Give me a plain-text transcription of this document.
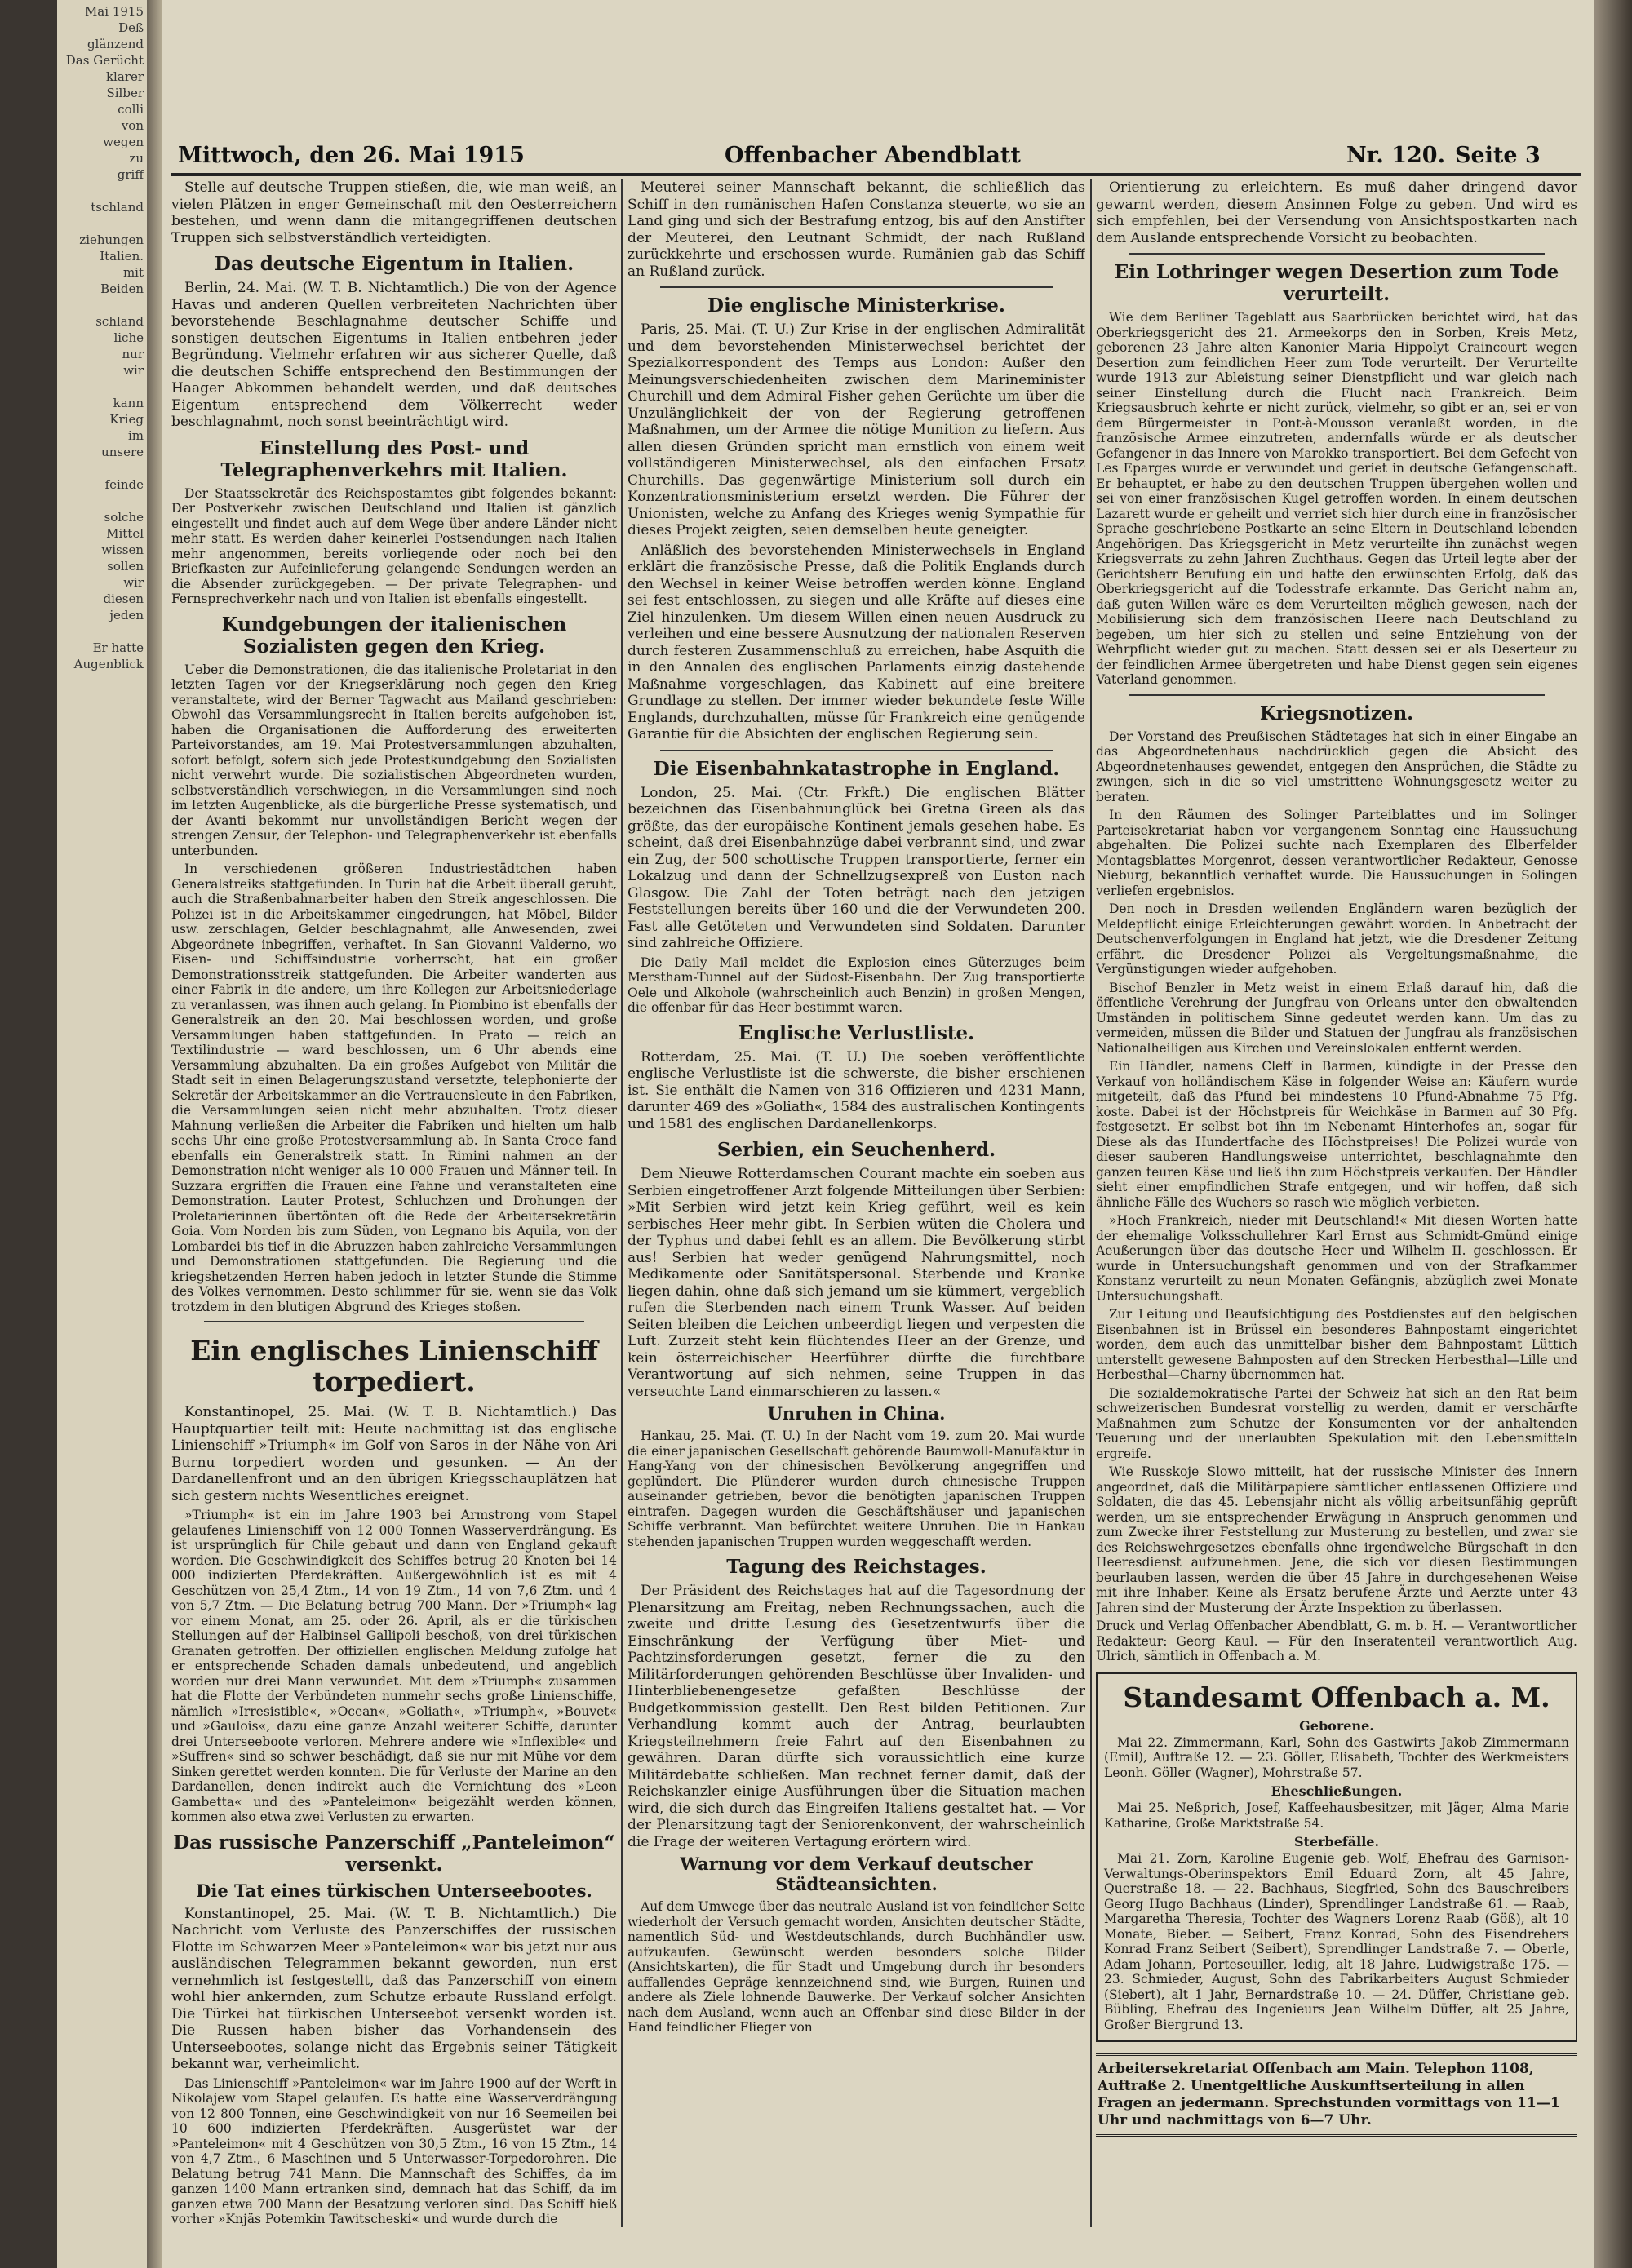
Mai 1915
Deß
glänzend
Das Gerücht
klarer
Silber
colli
von
wegen
zu
griff

tschland

ziehungen
Italien.
mit
Beiden

schland
liche
nur
wir

kann
Krieg
im
unsere

feinde

solche
Mittel
wissen
sollen
wir
diesen
jeden

Er hatte
Augenblick
Mittwoch, den 26. Mai 1915	Offenbacher Abendblatt	Nr. 120. Seite 3

Stelle auf deutsche Truppen stießen, die, wie man weiß, an vielen Plätzen in enger Gemeinschaft mit den Oesterreichern bestehen, und wenn dann die mitangegriffenen deutschen Truppen sich selbstverständlich verteidigten.

Das deutsche Eigentum in Italien.

Berlin, 24. Mai. (W. T. B. Nichtamtlich.) Die von der Agence Havas und anderen Quellen verbreiteten Nachrichten über bevorstehende Beschlagnahme deutscher Schiffe und sonstigen deutschen Eigentums in Italien entbehren jeder Begründung. Vielmehr erfahren wir aus sicherer Quelle, daß die deutschen Schiffe entsprechend den Bestimmungen der Haager Abkommen behandelt werden, und daß deutsches Eigentum entsprechend dem Völkerrecht weder beschlagnahmt, noch sonst beeinträchtigt wird.

Einstellung des Post- und Telegraphenverkehrs mit Italien.

Der Staatssekretär des Reichspostamtes gibt folgendes bekannt: Der Postverkehr zwischen Deutschland und Italien ist gänzlich eingestellt und findet auch auf dem Wege über andere Länder nicht mehr statt. Es werden daher keinerlei Postsendungen nach Italien mehr angenommen, bereits vorliegende oder noch bei den Briefkasten zur Aufeinlieferung gelangende Sendungen werden an die Absender zurückgegeben. — Der private Telegraphen- und Fernsprechverkehr nach und von Italien ist ebenfalls eingestellt.

Kundgebungen der italienischen Sozialisten gegen den Krieg.

Ueber die Demonstrationen, die das italienische Proletariat in den letzten Tagen vor der Kriegserklärung noch gegen den Krieg veranstaltete, wird der Berner Tagwacht aus Mailand geschrieben: Obwohl das Versammlungsrecht in Italien bereits aufgehoben ist, haben die Organisationen die Aufforderung des erweiterten Parteivorstandes, am 19. Mai Protestversammlungen abzuhalten, sofort befolgt, sofern sich jede Protestkundgebung den Sozialisten nicht verwehrt wurde. Die sozialistischen Abgeordneten wurden, selbstverständlich verschwiegen, in die Versammlungen sind noch im letzten Augenblicke, als die bürgerliche Presse systematisch, und der Avanti bekommt nur unvollständigen Bericht wegen der strengen Zensur, der Telephon- und Telegraphenverkehr ist ebenfalls unterbunden.

In verschiedenen größeren Industriestädtchen haben Generalstreiks stattgefunden. In Turin hat die Arbeit überall geruht, auch die Straßenbahnarbeiter haben den Streik angeschlossen. Die Polizei ist in die Arbeitskammer eingedrungen, hat Möbel, Bilder usw. zerschlagen, Gelder beschlagnahmt, alle Anwesenden, zwei Abgeordnete inbegriffen, verhaftet. In San Giovanni Valderno, wo Eisen- und Schiffsindustrie vorherrscht, hat ein großer Demonstrationsstreik stattgefunden. Die Arbeiter wanderten aus einer Fabrik in die andere, um ihre Kollegen zur Arbeitsniederlage zu veranlassen, was ihnen auch gelang. In Piombino ist ebenfalls der Generalstreik an den 20. Mai beschlossen worden, und große Versammlungen haben stattgefunden. In Prato — reich an Textilindustrie — ward beschlossen, um 6 Uhr abends eine Versammlung abzuhalten. Da ein großes Aufgebot von Militär die Stadt seit in einen Belagerungszustand versetzte, telephonierte der Sekretär der Arbeitskammer an die Vertrauensleute in den Fabriken, die Versammlungen seien nicht mehr abzuhalten. Trotz dieser Mahnung verließen die Arbeiter die Fabriken und hielten um halb sechs Uhr eine große Protestversammlung ab. In Santa Croce fand ebenfalls ein Generalstreik statt. In Rimini nahmen an der Demonstration nicht weniger als 10 000 Frauen und Männer teil. In Suzzara ergriffen die Frauen eine Fahne und veranstalteten eine Demonstration. Lauter Protest, Schluchzen und Drohungen der Proletarierinnen übertönten oft die Rede der Arbeitersekretärin Goia. Vom Norden bis zum Süden, von Legnano bis Aquila, von der Lombardei bis tief in die Abruzzen haben zahlreiche Versammlungen und Demonstrationen stattgefunden. Die Regierung und die kriegshetzenden Herren haben jedoch in letzter Stunde die Stimme des Volkes vernommen. Desto schlimmer für sie, wenn sie das Volk trotzdem in den blutigen Abgrund des Krieges stoßen.

Ein englisches Linienschiff torpediert.

Konstantinopel, 25. Mai. (W. T. B. Nichtamtlich.) Das Hauptquartier teilt mit: Heute nachmittag ist das englische Linienschiff »Triumph« im Golf von Saros in der Nähe von Ari Burnu torpediert worden und gesunken. — An der Dardanellenfront und an den übrigen Kriegsschauplätzen hat sich gestern nichts Wesentliches ereignet.

»Triumph« ist ein im Jahre 1903 bei Armstrong vom Stapel gelaufenes Linienschiff von 12 000 Tonnen Wasserverdrängung. Es ist ursprünglich für Chile gebaut und dann von England gekauft worden. Die Geschwindigkeit des Schiffes betrug 20 Knoten bei 14 000 indizierten Pferdekräften. Außergewöhnlich ist es mit 4 Geschützen von 25,4 Ztm., 14 von 19 Ztm., 14 von 7,6 Ztm. und 4 von 5,7 Ztm. — Die Belatung betrug 700 Mann. Der »Triumph« lag vor einem Monat, am 25. oder 26. April, als er die türkischen Stellungen auf der Halbinsel Gallipoli beschoß, von drei türkischen Granaten getroffen. Der offiziellen englischen Meldung zufolge hat er entsprechende Schaden damals unbedeutend, und angeblich worden nur drei Mann verwundet. Mit dem »Triumph« zusammen hat die Flotte der Verbündeten nunmehr sechs große Linienschiffe, nämlich »Irresistible«, »Ocean«, »Goliath«, »Triumph«, »Bouvet« und »Gaulois«, dazu eine ganze Anzahl weiterer Schiffe, darunter drei Unterseeboote verloren. Mehrere andere wie »Inflexible« und »Suffren« sind so schwer beschädigt, daß sie nur mit Mühe vor dem Sinken gerettet werden konnten. Die für Verluste der Marine an den Dardanellen, denen indirekt auch die Vernichtung des »Leon Gambetta« und des »Panteleimon« beigezählt werden können, kommen also etwa zwei Verlusten zu erwarten.

Das russische Panzerschiff „Panteleimon“ versenkt.
Die Tat eines türkischen Unterseebootes.

Konstantinopel, 25. Mai. (W. T. B. Nichtamtlich.) Die Nachricht vom Verluste des Panzerschiffes der russischen Flotte im Schwarzen Meer »Panteleimon« war bis jetzt nur aus ausländischen Telegrammen bekannt geworden, nun erst vernehmlich ist festgestellt, daß das Panzerschiff von einem wohl hier ankernden, zum Schutze erbaute Russland erfolgt. Die Türkei hat türkischen Unterseebot versenkt worden ist. Die Russen haben bisher das Vorhandensein des Unterseebootes, solange nicht das Ergebnis seiner Tätigkeit bekannt war, verheimlicht.

Das Linienschiff »Panteleimon« war im Jahre 1900 auf der Werft in Nikolajew vom Stapel gelaufen. Es hatte eine Wasserverdrängung von 12 800 Tonnen, eine Geschwindigkeit von nur 16 Seemeilen bei 10 600 indizierten Pferdekräften. Ausgerüstet war der »Panteleimon« mit 4 Geschützen von 30,5 Ztm., 16 von 15 Ztm., 14 von 4,7 Ztm., 6 Maschinen und 5 Unterwasser-Torpedorohren. Die Belatung betrug 741 Mann. Die Mannschaft des Schiffes, da im ganzen 1400 Mann ertranken sind, demnach hat das Schiff, da im ganzen etwa 700 Mann der Besatzung verloren sind. Das Schiff hieß vorher »Knjäs Potemkin Tawitscheski« und wurde durch die

Meuterei seiner Mannschaft bekannt, die schließlich das Schiff in den rumänischen Hafen Constanza steuerte, wo sie an Land ging und sich der Bestrafung entzog, bis auf den Anstifter der Meuterei, den Leutnant Schmidt, der nach Rußland zurückkehrte und erschossen wurde. Rumänien gab das Schiff an Rußland zurück.

Die englische Ministerkrise.

Paris, 25. Mai. (T. U.) Zur Krise in der englischen Admiralität und dem bevorstehenden Ministerwechsel berichtet der Spezialkorrespondent des Temps aus London: Außer den Meinungsverschiedenheiten zwischen dem Marineminister Churchill und dem Admiral Fisher gehen Gerüchte um über die Unzulänglichkeit der von der Regierung getroffenen Maßnahmen, um der Armee die nötige Munition zu liefern. Aus allen diesen Gründen spricht man ernstlich von einem weit vollständigeren Ministerwechsel, als den einfachen Ersatz Churchills. Das gegenwärtige Ministerium soll durch ein Konzentrationsministerium ersetzt werden. Die Führer der Unionisten, welche zu Anfang des Krieges wenig Sympathie für dieses Projekt zeigten, seien demselben heute geneigter.

Anläßlich des bevorstehenden Ministerwechsels in England erklärt die französische Presse, daß die Politik Englands durch den Wechsel in keiner Weise betroffen werden könne. England sei fest entschlossen, zu siegen und alle Kräfte auf dieses eine Ziel hinzulenken. Um diesem Willen einen neuen Ausdruck zu verleihen und eine bessere Ausnutzung der nationalen Reserven durch festeren Zusammenschluß zu erreichen, habe Asquith die in den Annalen des englischen Parlaments einzig dastehende Maßnahme vorgeschlagen, das Kabinett auf eine breitere Grundlage zu stellen. Der immer wieder bekundete feste Wille Englands, durchzuhalten, müsse für Frankreich eine genügende Garantie für die Absichten der englischen Regierung sein.

Die Eisenbahnkatastrophe in England.

London, 25. Mai. (Ctr. Frkft.) Die englischen Blätter bezeichnen das Eisenbahnunglück bei Gretna Green als das größte, das der europäische Kontinent jemals gesehen habe. Es scheint, daß drei Eisenbahnzüge dabei verbrannt sind, und zwar ein Zug, der 500 schottische Truppen transportierte, ferner ein Lokalzug und dann der Schnellzugsexpreß von Euston nach Glasgow. Die Zahl der Toten beträgt nach den jetzigen Feststellungen bereits über 160 und die der Verwundeten 200. Fast alle Getöteten und Verwundeten sind Soldaten. Darunter sind zahlreiche Offiziere.

Die Daily Mail meldet die Explosion eines Güterzuges beim Merstham-Tunnel auf der Südost-Eisenbahn. Der Zug transportierte Oele und Alkohole (wahrscheinlich auch Benzin) in großen Mengen, die offenbar für das Heer bestimmt waren.

Englische Verlustliste.

Rotterdam, 25. Mai. (T. U.) Die soeben veröffentlichte englische Verlustliste ist die schwerste, die bisher erschienen ist. Sie enthält die Namen von 316 Offizieren und 4231 Mann, darunter 469 des »Goliath«, 1584 des australischen Kontingents und 1581 des englischen Dardanellenkorps.

Serbien, ein Seuchenherd.

Dem Nieuwe Rotterdamschen Courant machte ein soeben aus Serbien eingetroffener Arzt folgende Mitteilungen über Serbien: »Mit Serbien wird jetzt kein Krieg geführt, weil es kein serbisches Heer mehr gibt. In Serbien wüten die Cholera und der Typhus und dabei fehlt es an allem. Die Bevölkerung stirbt aus! Serbien hat weder genügend Nahrungsmittel, noch Medikamente oder Sanitätspersonal. Sterbende und Kranke liegen dahin, ohne daß sich jemand um sie kümmert, vergeblich rufen die Sterbenden nach einem Trunk Wasser. Auf beiden Seiten bleiben die Leichen unbeerdigt liegen und verpesten die Luft. Zurzeit steht kein flüchtendes Heer an der Grenze, und kein österreichischer Heerführer dürfte die furchtbare Verantwortung auf sich nehmen, seine Truppen in das verseuchte Land einmarschieren zu lassen.«

Unruhen in China.

Hankau, 25. Mai. (T. U.) In der Nacht vom 19. zum 20. Mai wurde die einer japanischen Gesellschaft gehörende Baumwoll-Manufaktur in Hang-Yang von der chinesischen Bevölkerung angegriffen und geplündert. Die Plünderer wurden durch chinesische Truppen auseinander getrieben, bevor die benötigten japanischen Truppen eintrafen. Dagegen wurden die Geschäftshäuser und japanischen Schiffe verbrannt. Man befürchtet weitere Unruhen. Die in Hankau stehenden japanischen Truppen wurden weggeschafft werden.

Tagung des Reichstages.

Der Präsident des Reichstages hat auf die Tagesordnung der Plenarsitzung am Freitag, neben Rechnungssachen, auch die zweite und dritte Lesung des Gesetzentwurfs über die Einschränkung der Verfügung über Miet- und Pachtzinsforderungen gesetzt, ferner die zu den Militärforderungen gehörenden Beschlüsse über Invaliden- und Hinterbliebenengesetze gefaßten Beschlüsse der Budgetkommission gestellt. Den Rest bilden Petitionen. Zur Verhandlung kommt auch der Antrag, beurlaubten Kriegsteilnehmern freie Fahrt auf den Eisenbahnen zu gewähren. Daran dürfte sich voraussichtlich eine kurze Militärdebatte schließen. Man rechnet ferner damit, daß der Reichskanzler einige Ausführungen über die Situation machen wird, die sich durch das Eingreifen Italiens gestaltet hat. — Vor der Plenarsitzung tagt der Seniorenkonvent, der wahrscheinlich die Frage der weiteren Vertagung erörtern wird.

Warnung vor dem Verkauf deutscher Städteansichten.

Auf dem Umwege über das neutrale Ausland ist von feindlicher Seite wiederholt der Versuch gemacht worden, Ansichten deutscher Städte, namentlich Süd- und Westdeutschlands, durch Buchhändler usw. aufzukaufen. Gewünscht werden besonders solche Bilder (Ansichtskarten), die für Stadt und Umgebung durch ihr besonders auffallendes Gepräge kennzeichnend sind, wie Burgen, Ruinen und andere als Ziele lohnende Bauwerke. Der Verkauf solcher Ansichten nach dem Ausland, wenn auch an Offenbar sind diese Bilder in der Hand feindlicher Flieger von

Orientierung zu erleichtern. Es muß daher dringend davor gewarnt werden, diesem Ansinnen Folge zu geben. Und wird es sich empfehlen, bei der Versendung von Ansichtspostkarten nach dem Auslande entsprechende Vorsicht zu beobachten.

Ein Lothringer wegen Desertion zum Tode verurteilt.

Wie dem Berliner Tageblatt aus Saarbrücken berichtet wird, hat das Oberkriegsgericht des 21. Armeekorps den in Sorben, Kreis Metz, geborenen 23 Jahre alten Kanonier Maria Hippolyt Craincourt wegen Desertion zum feindlichen Heer zum Tode verurteilt. Der Verurteilte wurde 1913 zur Ableistung seiner Dienstpflicht und war gleich nach seiner Einstellung durch die Flucht nach Frankreich. Beim Kriegsausbruch kehrte er nicht zurück, vielmehr, so gibt er an, sei er von dem Bürgermeister in Pont-à-Mousson veranlaßt worden, in die französische Armee einzutreten, andernfalls würde er als deutscher Gefangener in das Innere von Marokko transportiert. Bei dem Gefecht von Les Eparges wurde er verwundet und geriet in deutsche Gefangenschaft. Er behauptet, er habe zu den deutschen Truppen übergehen wollen und sei von einer französischen Kugel getroffen worden. In einem deutschen Lazarett wurde er geheilt und verriet sich hier durch eine in französischer Sprache geschriebene Postkarte an seine Eltern in Deutschland lebenden Angehörigen. Das Kriegsgericht in Metz verurteilte ihn zunächst wegen Kriegsverrats zu zehn Jahren Zuchthaus. Gegen das Urteil legte aber der Gerichtsherr Berufung ein und hatte den erwünschten Erfolg, daß das Oberkriegsgericht auf die Todesstrafe erkannte. Das Gericht nahm an, daß guten Willen wäre es dem Verurteilten möglich gewesen, nach der Mobilisierung sich dem französischen Heere nach Deutschland zu begeben, um hier sich zu stellen und seine Entziehung von der Wehrpflicht wieder gut zu machen. Statt dessen sei er als Deserteur zu der feindlichen Armee übergetreten und habe Dienst gegen sein eigenes Vaterland genommen.

Kriegsnotizen.

Der Vorstand des Preußischen Städtetages hat sich in einer Eingabe an das Abgeordnetenhaus nachdrücklich gegen die Absicht des Abgeordnetenhauses gewendet, entgegen den Ansprüchen, die Städte zu zwingen, sich in die so viel umstrittene Wohnungsgesetz weiter zu beraten.

In den Räumen des Solinger Parteiblattes und im Solinger Parteisekretariat haben vor vergangenem Sonntag eine Haussuchung abgehalten. Die Polizei suchte nach Exemplaren des Elberfelder Montagsblattes Morgenrot, dessen verantwortlicher Redakteur, Genosse Nieburg, bekanntlich verhaftet wurde. Die Haussuchungen in Solingen verliefen ergebnislos.

Den noch in Dresden weilenden Engländern waren bezüglich der Meldepflicht einige Erleichterungen gewährt worden. In Anbetracht der Deutschenverfolgungen in England hat jetzt, wie die Dresdener Zeitung erfährt, die Dresdener Polizei als Vergeltungsmaßnahme, die Vergünstigungen wieder aufgehoben.

Bischof Benzler in Metz weist in einem Erlaß darauf hin, daß die öffentliche Verehrung der Jungfrau von Orleans unter den obwaltenden Umständen in politischem Sinne gedeutet werden kann. Um das zu vermeiden, müssen die Bilder und Statuen der Jungfrau als französischen Nationalheiligen aus Kirchen und Vereinslokalen entfernt werden.

Ein Händler, namens Cleff in Barmen, kündigte in der Presse den Verkauf von holländischem Käse in folgender Weise an: Käufern wurde mitgeteilt, daß das Pfund bei mindestens 10 Pfund-Abnahme 75 Pfg. koste. Dabei ist der Höchstpreis für Weichkäse in Barmen auf 30 Pfg. festgesetzt. Er selbst bot ihn im Nebenamt Hinterhofes an, sogar für Diese als das Hundertfache des Höchstpreises! Die Polizei wurde von dieser sauberen Handlungsweise unterrichtet, beschlagnahmte den ganzen teuren Käse und ließ ihn zum Höchstpreis verkaufen. Der Händler sieht einer empfindlichen Strafe entgegen, und wir hoffen, daß sich ähnliche Fälle des Wuchers so rasch wie möglich verbieten.

»Hoch Frankreich, nieder mit Deutschland!« Mit diesen Worten hatte der ehemalige Volksschullehrer Karl Ernst aus Schmidt-Gmünd einige Aeußerungen über das deutsche Heer und Wilhelm II. geschlossen. Er wurde in Untersuchungshaft genommen und von der Strafkammer Konstanz verurteilt zu neun Monaten Gefängnis, abzüglich zwei Monate Untersuchungshaft.

Zur Leitung und Beaufsichtigung des Postdienstes auf den belgischen Eisenbahnen ist in Brüssel ein besonderes Bahnpostamt eingerichtet worden, dem auch das unmittelbar bisher dem Bahnpostamt Lüttich unterstellt gewesene Bahnposten auf den Strecken Herbesthal—Lille und Herbesthal—Charny übernommen hat.

Die sozialdemokratische Partei der Schweiz hat sich an den Rat beim schweizerischen Bundesrat vorstellig zu werden, damit er verschärfte Maßnahmen zum Schutze der Konsumenten vor der anhaltenden Teuerung und der unerlaubten Spekulation mit den Lebensmitteln ergreife.

Wie Russkoje Slowo mitteilt, hat der russische Minister des Innern angeordnet, daß die Militärpapiere sämtlicher entlassenen Offiziere und Soldaten, die das 45. Lebensjahr nicht als völlig arbeitsunfähig geprüft werden, um sie entsprechender Erwägung in Anspruch genommen und zum Zwecke ihrer Feststellung zur Musterung zu bestellen, und zwar sie des Reichswehrgesetzes ebenfalls ohne irgendwelche Bürgschaft in den Heeresdienst aufzunehmen. Jene, die sich vor diesen Bestimmungen beurlauben lassen, werden die über 45 Jahre in durchgesehenen Weise mit ihre Inhaber. Keine als Ersatz berufene Ärzte und Aerzte unter 43 Jahren sind der Musterung der Ärzte Inspektion zu überlassen.

Druck und Verlag Offenbacher Abendblatt, G. m. b. H. — Verantwortlicher Redakteur: Georg Kaul. — Für den Inseratenteil verantwortlich Aug. Ulrich, sämtlich in Offenbach a. M.

Standesamt Offenbach a. M.
Geborene.

Mai 22. Zimmermann, Karl, Sohn des Gastwirts Jakob Zimmermann (Emil), Auftraße 12. — 23. Göller, Elisabeth, Tochter des Werkmeisters Leonh. Göller (Wagner), Mohrstraße 57.

Eheschließungen.

Mai 25. Neßprich, Josef, Kaffeehausbesitzer, mit Jäger, Alma Marie Katharine, Große Marktstraße 54.

Sterbefälle.

Mai 21. Zorn, Karoline Eugenie geb. Wolf, Ehefrau des Garnison-Verwaltungs-Oberinspektors Emil Eduard Zorn, alt 45 Jahre, Querstraße 18. — 22. Bachhaus, Siegfried, Sohn des Bauschreibers Georg Hugo Bachhaus (Linder), Sprendlinger Landstraße 61. — Raab, Margaretha Theresia, Tochter des Wagners Lorenz Raab (Göß), alt 10 Monate, Bieber. — Seibert, Franz Konrad, Sohn des Eisendrehers Konrad Franz Seibert (Seibert), Sprendlinger Landstraße 7. — Oberle, Adam Johann, Porteseuiller, ledig, alt 18 Jahre, Ludwigstraße 175. — 23. Schmieder, August, Sohn des Fabrikarbeiters August Schmieder (Siebert), alt 1 Jahr, Bernardstraße 10. — 24. Düffer, Christiane geb. Bübling, Ehefrau des Ingenieurs Jean Wilhelm Düffer, alt 25 Jahre, Großer Biergrund 13.

Arbeitersekretariat Offenbach am Main. Telephon 1108, Auftraße 2. Unentgeltliche Auskunftserteilung in allen Fragen an jedermann. Sprechstunden vormittags von 11—1 Uhr und nachmittags von 6—7 Uhr.
